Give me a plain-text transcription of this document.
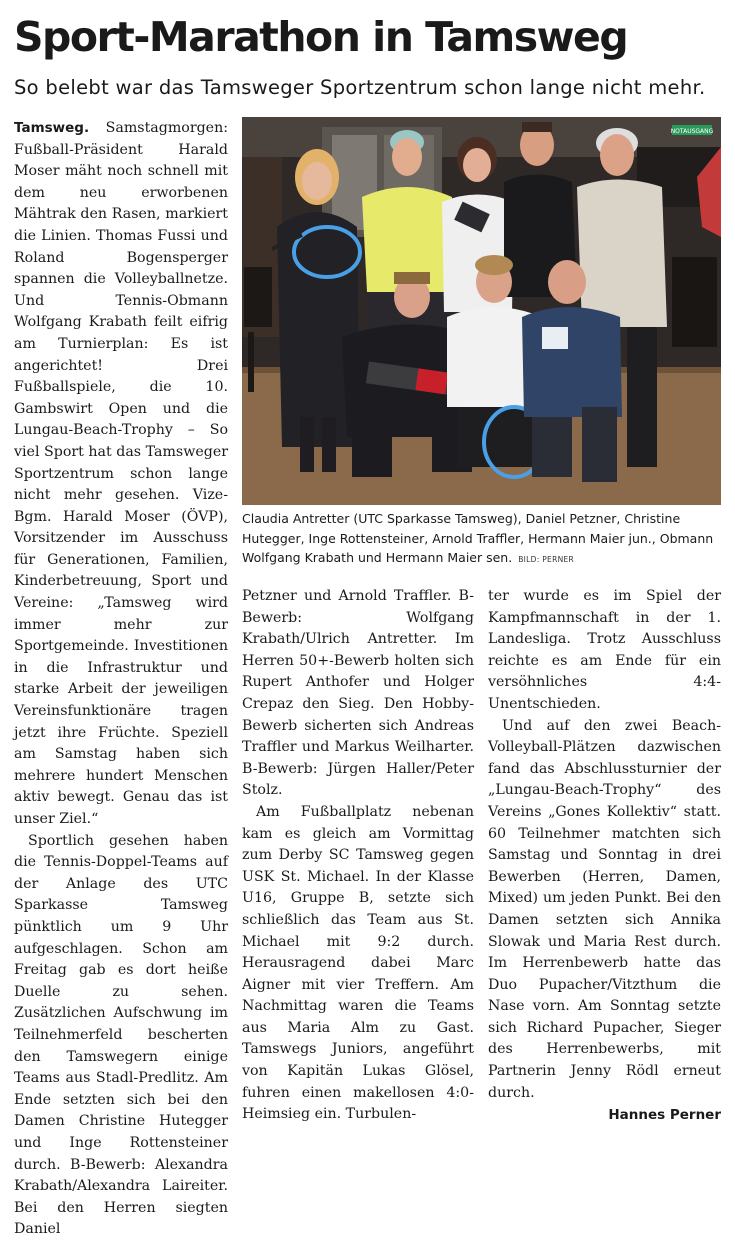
Sport-Marathon in Tamsweg
So belebt war das Tamsweger Sportzentrum schon lange nicht mehr.

Tamsweg. Samstagmorgen: Fußball-Präsident Harald Moser mäht noch schnell mit dem neu erworbenen Mähtrak den Rasen, markiert die Linien. Thomas Fussi und Roland Bogensperger spannen die Volleyballnetze. Und Tennis-Obmann Wolfgang Krabath feilt eifrig am Turnierplan: Es ist angerichtet! Drei Fußballspiele, die 10. Gambswirt Open und die Lungau-Beach-Trophy – So viel Sport hat das Tamsweger Sportzentrum schon lange nicht mehr gesehen. Vize-Bgm. Harald Moser (ÖVP), Vorsitzender im Ausschuss für Generationen, Familien, Kinderbetreuung, Sport und Vereine: „Tamsweg wird immer mehr zur Sportgemeinde. Investitionen in die Infrastruktur und starke Arbeit der jeweiligen Vereinsfunktionäre tragen jetzt ihre Früchte. Speziell am Samstag haben sich mehrere hundert Menschen aktiv bewegt. Genau das ist unser Ziel.“

Sportlich gesehen haben die Tennis-Doppel-Teams auf der Anlage des UTC Sparkasse Tamsweg pünktlich um 9 Uhr aufgeschlagen. Schon am Freitag gab es dort heiße Duelle zu sehen. Zusätzlichen Aufschwung im Teilnehmerfeld bescherten den Tamswegern einige Teams aus Stadl-Predlitz. Am Ende setzten sich bei den Damen Christine Hutegger und Inge Rottensteiner durch. B-Bewerb: Alexandra Krabath/Alexandra Laireiter. Bei den Herren siegten Daniel

NOTAUSGANG
Claudia Antretter (UTC Sparkasse Tamsweg), Daniel Petzner, Christine Hutegger, Inge Rottensteiner, Arnold Traffler, Hermann Maier jun., Obmann Wolfgang Krabath und Hermann Maier sen. BILD: PERNER

Petzner und Arnold Traffler. B-Bewerb: Wolfgang Krabath/Ulrich Antretter. Im Herren 50+-Bewerb holten sich Rupert Anthofer und Holger Crepaz den Sieg. Den Hobby-Bewerb sicherten sich Andreas Traffler und Markus Weilharter. B-Bewerb: Jürgen Haller/Peter Stolz.

Am Fußballplatz nebenan kam es gleich am Vormittag zum Derby SC Tamsweg gegen USK St. Michael. In der Klasse U16, Gruppe B, setzte sich schließlich das Team aus St. Michael mit 9:2 durch. Herausragend dabei Marc Aigner mit vier Treffern. Am Nachmittag waren die Teams aus Maria Alm zu Gast. Tamswegs Juniors, angeführt von Kapitän Lukas Glösel, fuhren einen makellosen 4:0-Heimsieg ein. Turbulen-

ter wurde es im Spiel der Kampfmannschaft in der 1. Landesliga. Trotz Ausschluss reichte es am Ende für ein versöhnliches 4:4-Unentschieden.

Und auf den zwei Beach-Volleyball-Plätzen dazwischen fand das Abschlussturnier der „Lungau-Beach-Trophy“ des Vereins „Gones Kollektiv“ statt. 60 Teilnehmer matchten sich Samstag und Sonntag in drei Bewerben (Herren, Damen, Mixed) um jeden Punkt. Bei den Damen setzten sich Annika Slowak und Maria Rest durch. Im Herrenbewerb hatte das Duo Pupacher/Vitzthum die Nase vorn. Am Sonntag setzte sich Richard Pupacher, Sieger des Herrenbewerbs, mit Partnerin Jenny Rödl erneut durch.

Hannes Perner
